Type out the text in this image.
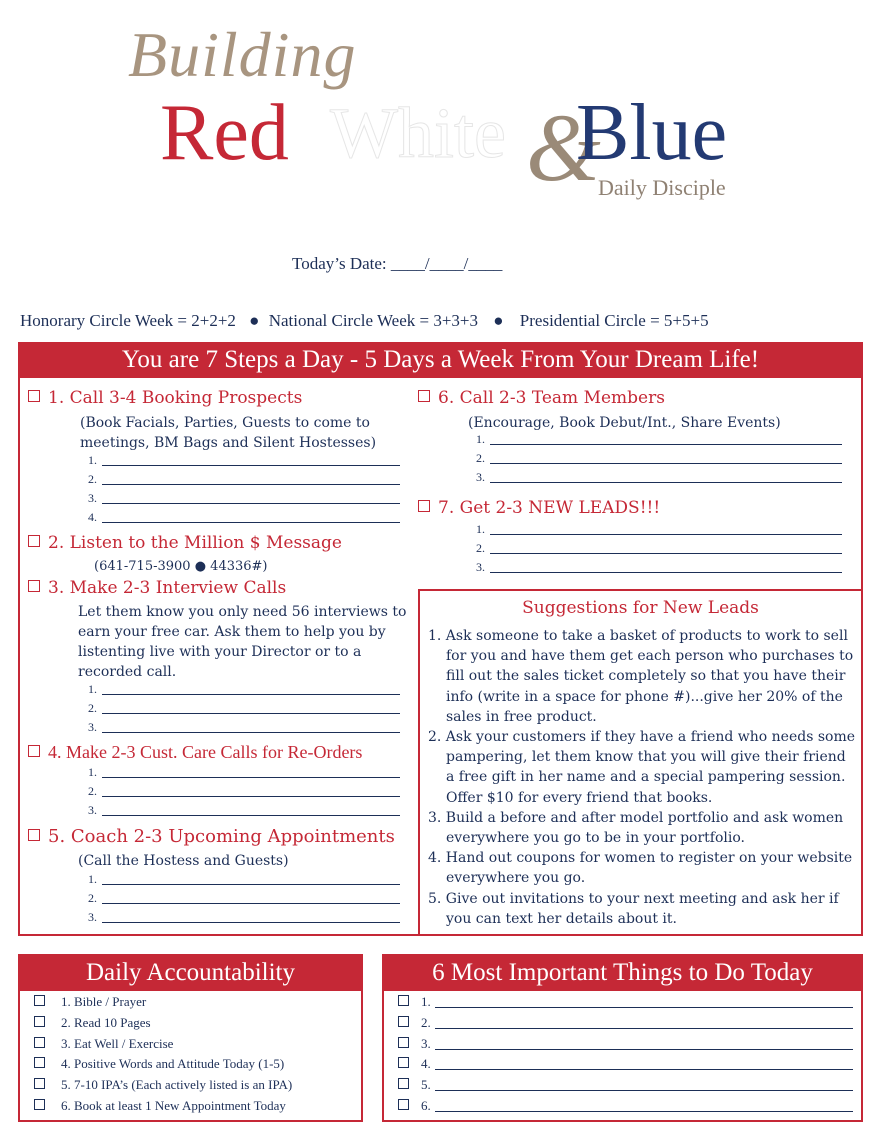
Building
Red White &
Blue
Daily Disciple
Today’s Date: ____/____/____
Honorary Circle Week = 2+2+2 ● National Circle Week = 3+3+3 ● Presidential Circle = 5+5+5
You are 7 Steps a Day - 5 Days a Week From Your Dream Life!
1. Call 3-4 Booking Prospects
(Book Facials, Parties, Guests to come to meetings, BM Bags and Silent Hostesses)
1.
2.
3.
4.
2. Listen to the Million $ Message
(641-715-3900 ● 44336#)
3. Make 2-3 Interview Calls
Let them know you only need 56 interviews to earn your free car. Ask them to help you by listenting live with your Director or to a recorded call.
1.
2.
3.
4. Make 2-3 Cust. Care Calls for Re-Orders
1.
2.
3.
5. Coach 2-3 Upcoming Appointments
(Call the Hostess and Guests)
1.
2.
3.
6. Call 2-3 Team Members
(Encourage, Book Debut/Int., Share Events)
1.
2.
3.
7. Get 2-3 NEW LEADS!!!
1.
2.
3.
Suggestions for New Leads
1. Ask someone to take a basket of products to work to sell for you and have them get each person who purchases to fill out the sales ticket completely so that you have their info (write in a space for phone #)...give her 20% of the sales in free product.
2. Ask your customers if they have a friend who needs some pampering, let them know that you will give their friend a free gift in her name and a special pampering session. Offer $10 for every friend that books.
3. Build a before and after model portfolio and ask women everywhere you go to be in your portfolio.
4. Hand out coupons for women to register on your website everywhere you go.
5. Give out invitations to your next meeting and ask her if you can text her details about it.
Daily Accountability
1. Bible / Prayer
2. Read 10 Pages
3. Eat Well / Exercise
4. Positive Words and Attitude Today (1-5)
5. 7-10 IPA’s (Each actively listed is an IPA)
6. Book at least 1 New Appointment Today
6 Most Important Things to Do Today
1.
2.
3.
4.
5.
6.
